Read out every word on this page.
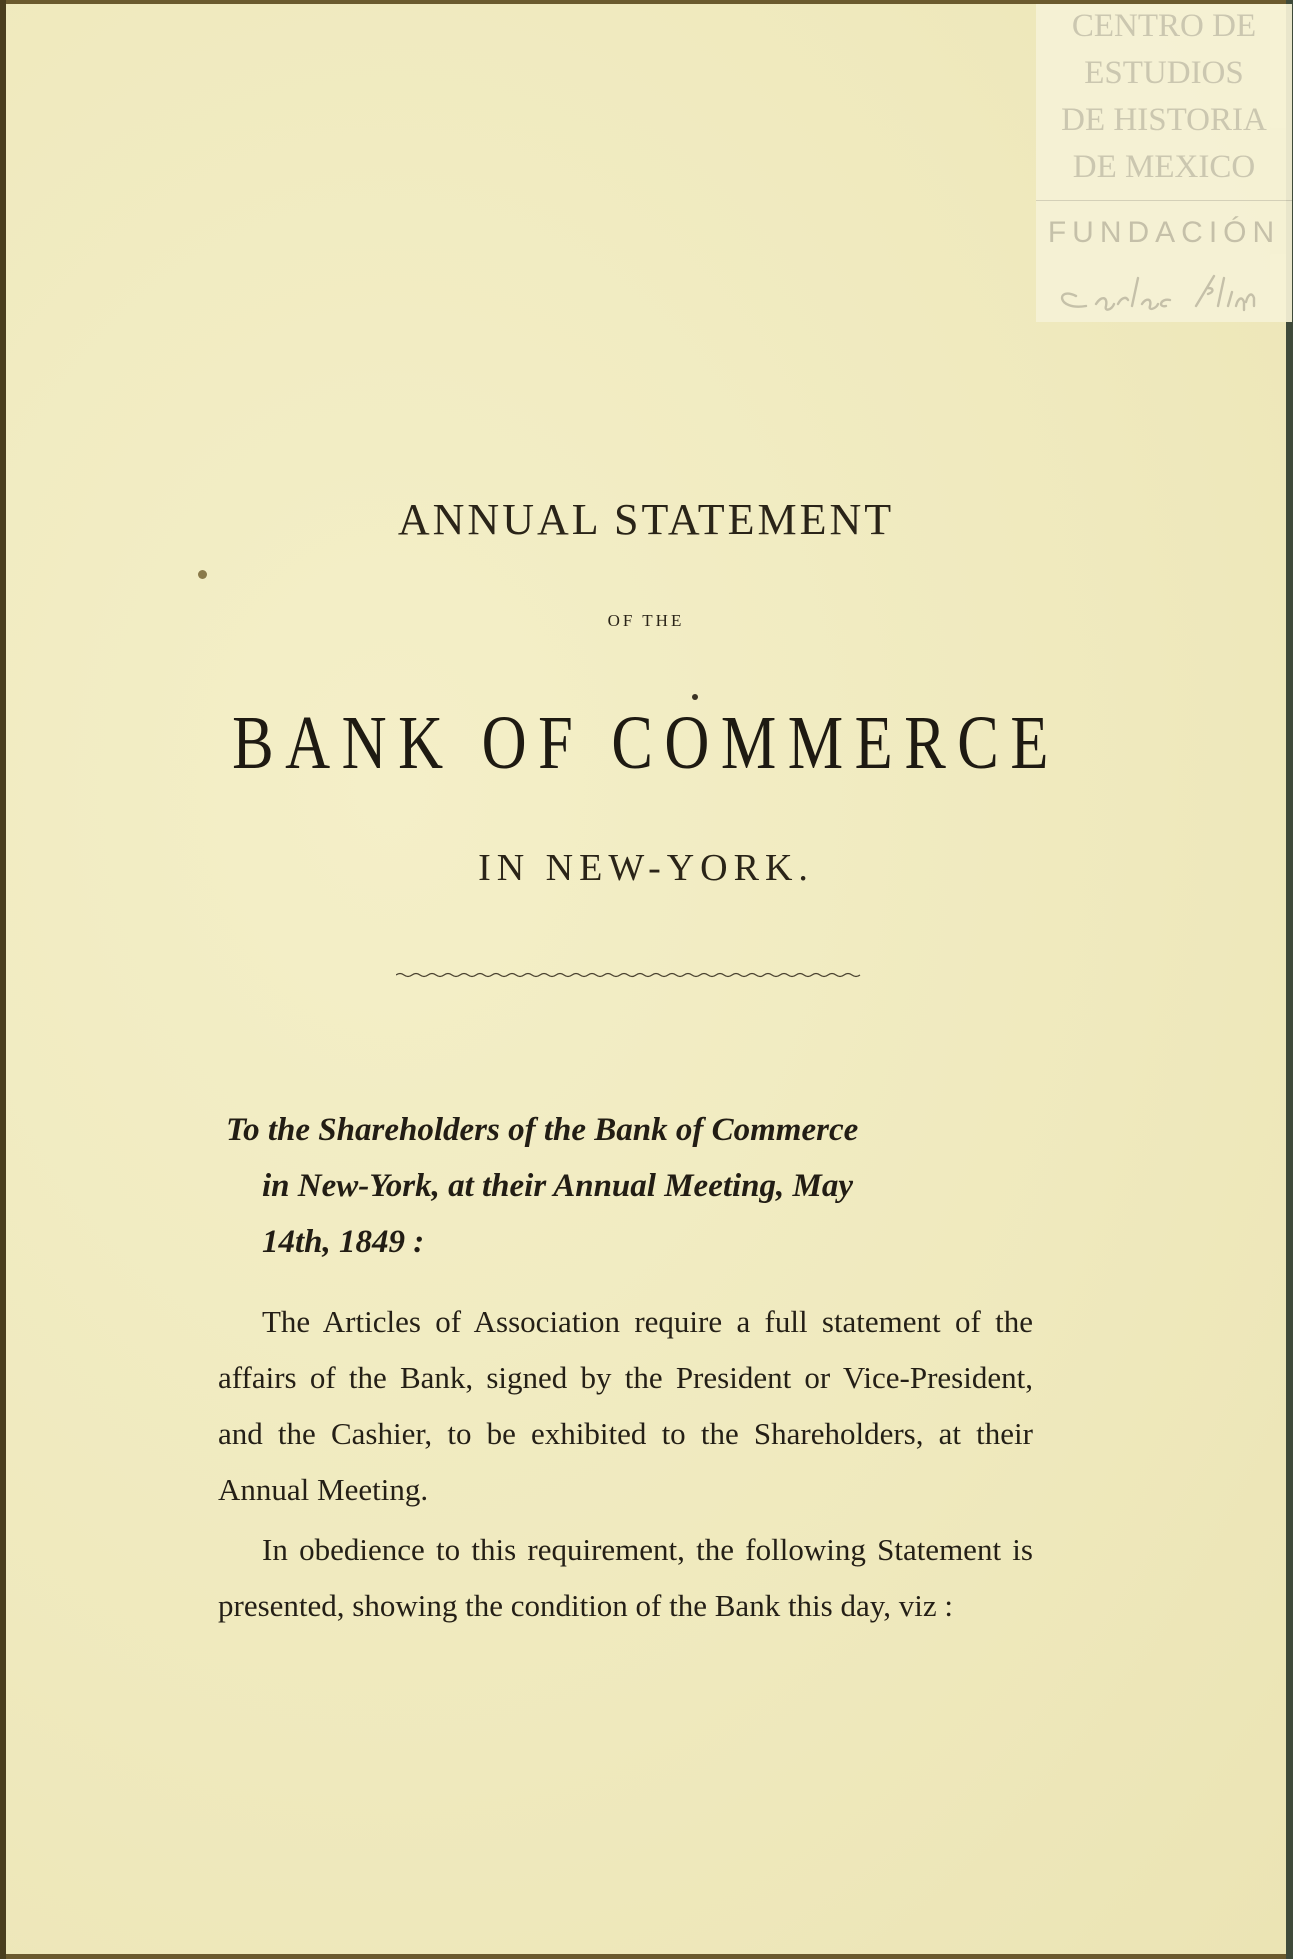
CENTRO DE
ESTUDIOS
DE HISTORIA
DE MEXICO
FUNDACIÓN
ANNUAL STATEMENT
OF THE
BANK OF COMMERCE
IN NEW-YORK.
To the Shareholders of the Bank of Commerce
in New-York, at their Annual Meeting, May
14th, 1849 :
The Articles of Association require a full statement of the affairs of the Bank, signed by the President or Vice-President, and the Cashier, to be exhibited to the Shareholders, at their Annual Meeting.
In obedience to this requirement, the following Statement is presented, showing the condition of the Bank this day, viz :
